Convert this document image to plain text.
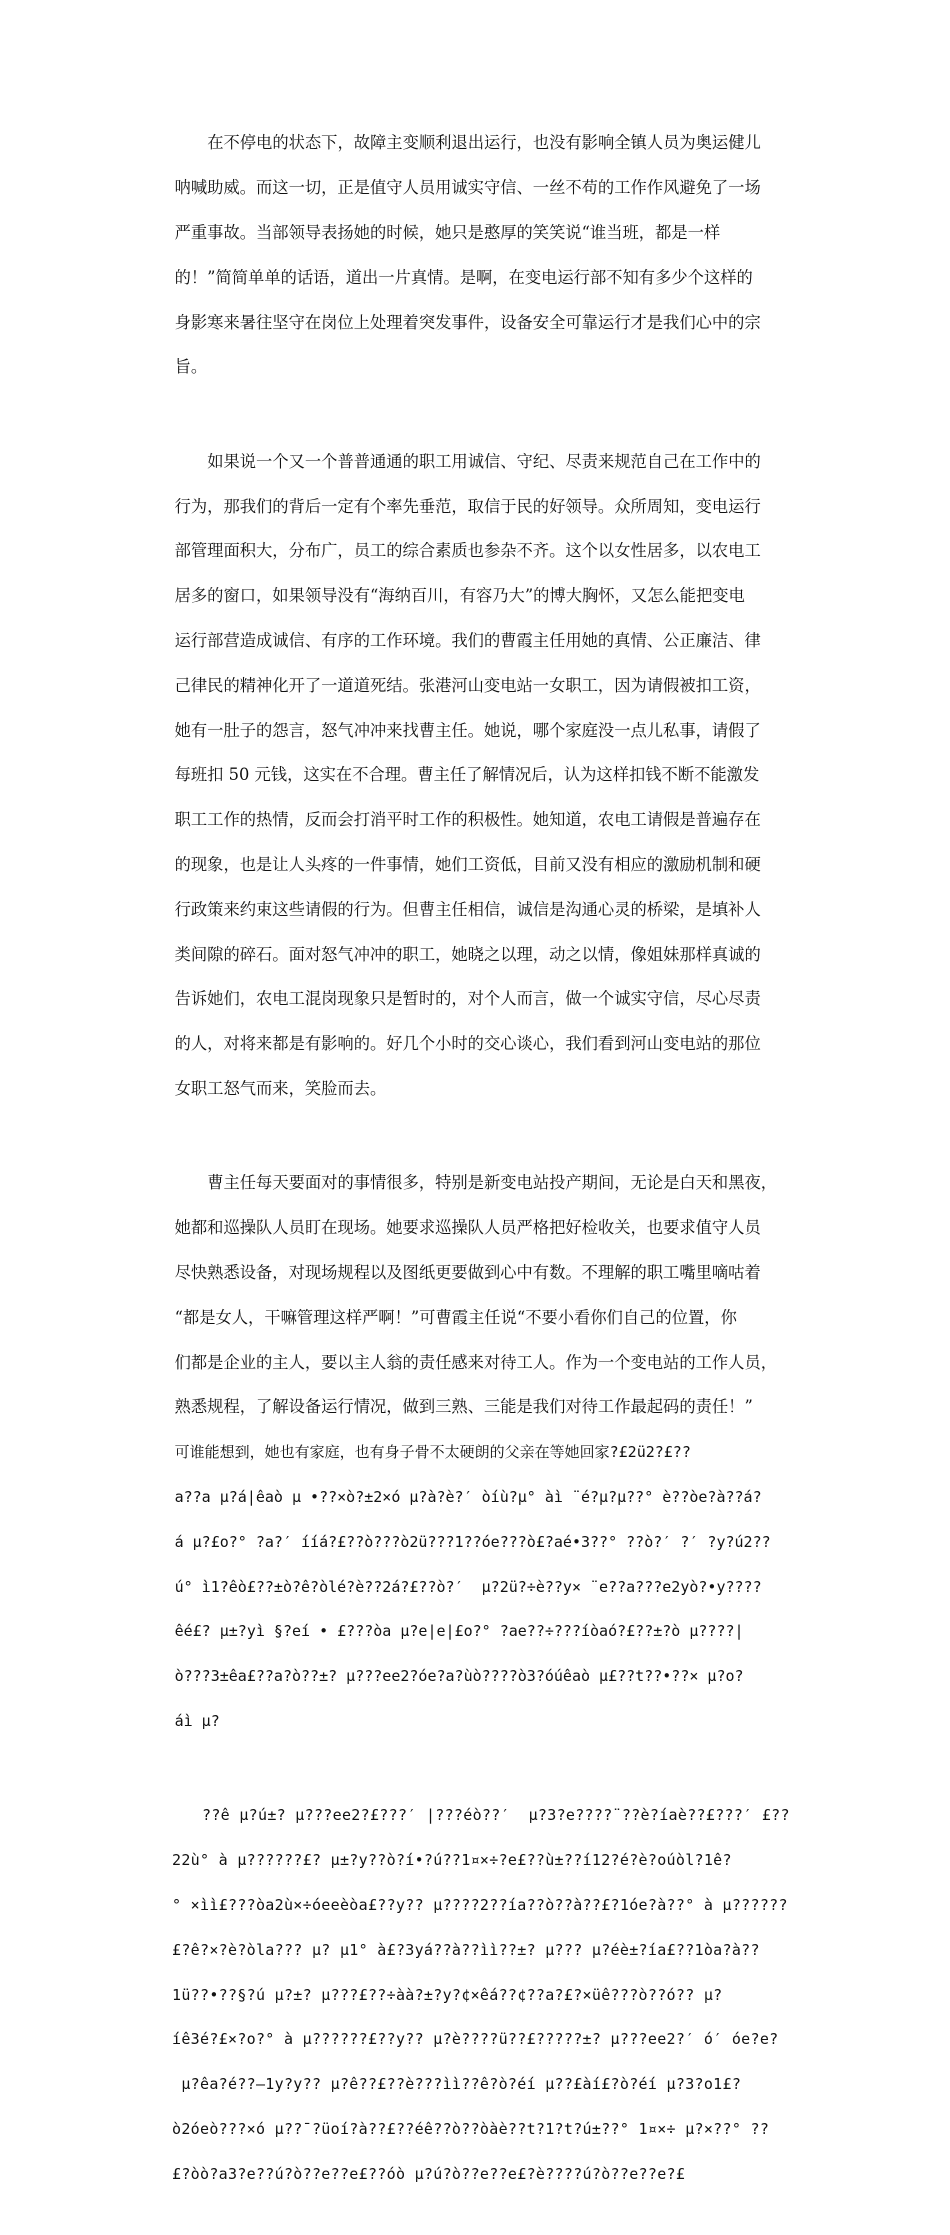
在不停电的状态下，故障主变顺利退出运行，也没有影响全镇人员为奥运健儿

呐喊助威。而这一切，正是值守人员用诚实守信、一丝不苟的工作作风避免了一场

严重事故。当部领导表扬她的时候，她只是憨厚的笑笑说“谁当班，都是一样

的！”简简单单的话语，道出一片真情。是啊，在变电运行部不知有多少个这样的

身影寒来暑往坚守在岗位上处理着突发事件，设备安全可靠运行才是我们心中的宗

旨。

如果说一个又一个普普通通的职工用诚信、守纪、尽责来规范自己在工作中的

行为，那我们的背后一定有个率先垂范，取信于民的好领导。众所周知，变电运行

部管理面积大，分布广，员工的综合素质也参杂不齐。这个以女性居多，以农电工

居多的窗口，如果领导没有“海纳百川，有容乃大”的博大胸怀，又怎么能把变电

运行部营造成诚信、有序的工作环境。我们的曹霞主任用她的真情、公正廉洁、律

己律民的精神化开了一道道死结。张港河山变电站一女职工，因为请假被扣工资，

她有一肚子的怨言，怒气冲冲来找曹主任。她说，哪个家庭没一点儿私事，请假了

每班扣 50 元钱，这实在不合理。曹主任了解情况后，认为这样扣钱不断不能激发

职工工作的热情，反而会打消平时工作的积极性。她知道，农电工请假是普遍存在

的现象，也是让人头疼的一件事情，她们工资低，目前又没有相应的激励机制和硬

行政策来约束这些请假的行为。但曹主任相信，诚信是沟通心灵的桥梁，是填补人

类间隙的碎石。面对怒气冲冲的职工，她晓之以理，动之以情，像姐妹那样真诚的

告诉她们，农电工混岗现象只是暂时的，对个人而言，做一个诚实守信，尽心尽责

的人，对将来都是有影响的。好几个小时的交心谈心，我们看到河山变电站的那位

女职工怒气而来，笑脸而去。

曹主任每天要面对的事情很多，特别是新变电站投产期间，无论是白天和黑夜，

她都和巡操队人员盯在现场。她要求巡操队人员严格把好检收关，也要求值守人员

尽快熟悉设备，对现场规程以及图纸更要做到心中有数。不理解的职工嘴里嘀咕着

“都是女人，干嘛管理这样严啊！”可曹霞主任说“不要小看你们自己的位置，你

们都是企业的主人，要以主人翁的责任感来对待工人。作为一个变电站的工作人员，

熟悉规程，了解设备运行情况，做到三熟、三能是我们对待工作最起码的责任！”

可谁能想到，她也有家庭，也有身子骨不太硬朗的父亲在等她回家?£2ü2?£??

a??a µ?á|êaò µ •??×ò?±2×ó µ?à?è?′ òíù?µ° àì ¨é?µ?µ??° è??òe?à??á?

á µ?£o?° ?a?′ ííá?£??ò???ò2ü???1??óe???ò£?aé•3??° ??ò?′ ?′ ?y?ú2??

ú° ì1?êò£??±ò?ê?òlé?è??2á?£??ò?′  µ?2ü?÷è??y× ¨e??a???e2yò?•y????

êé£? µ±?yì §?eí • £???òa µ?e|e|£o?° ?ae??÷???íòaó?£??±?ò µ????|

ò???3±êa£??a?ò??±? µ???ee2?óe?a?ùò????ò3?óúêaò µ£??t??•??× µ?o?

áì µ?

??ê µ?ú±? µ???ee2?£???′ |???éò??′  µ?3?e????¨??è?íaè??£???′ £??

22ù° à µ??????£? µ±?y??ò?í•?ú??1¤×÷?e£??ù±??í12?é?è?oúòl?1ê?

° ×ìì£???òa2ù×÷óeeèòa£??y?? µ????2??ía??ò??à??£?1óe?à??° à µ??????

£?ê?×?è?òla??? µ? µ1° à£?3yá??à??ìì??±? µ??? µ?éè±?ía£??1òa?à??

1ü??•??§?ú µ?±? µ???£??÷àà?±?y?¢×êá??¢??a?£?×üê???ò??ó?? µ?

íê3é?£×?o?° à µ??????£??y?? µ?è????ü??£?????±? µ???ee2?′ ó′ óe?e?

µ?êa?é??–1y?y?? µ?ê??£??è???ìì??ê?ò?éí µ??£àí£?ò?éí µ?3?o1£?

ò2óeò???×ó µ??¯?üoí?à??£??éê??ò??òàè??t?1?t?ú±??° 1¤×÷ µ?×??° ??

£?òò?a3?e??ú?ò??e??e£??óò µ?ú?ò??e??e£?è????ú?ò??e??e?£
